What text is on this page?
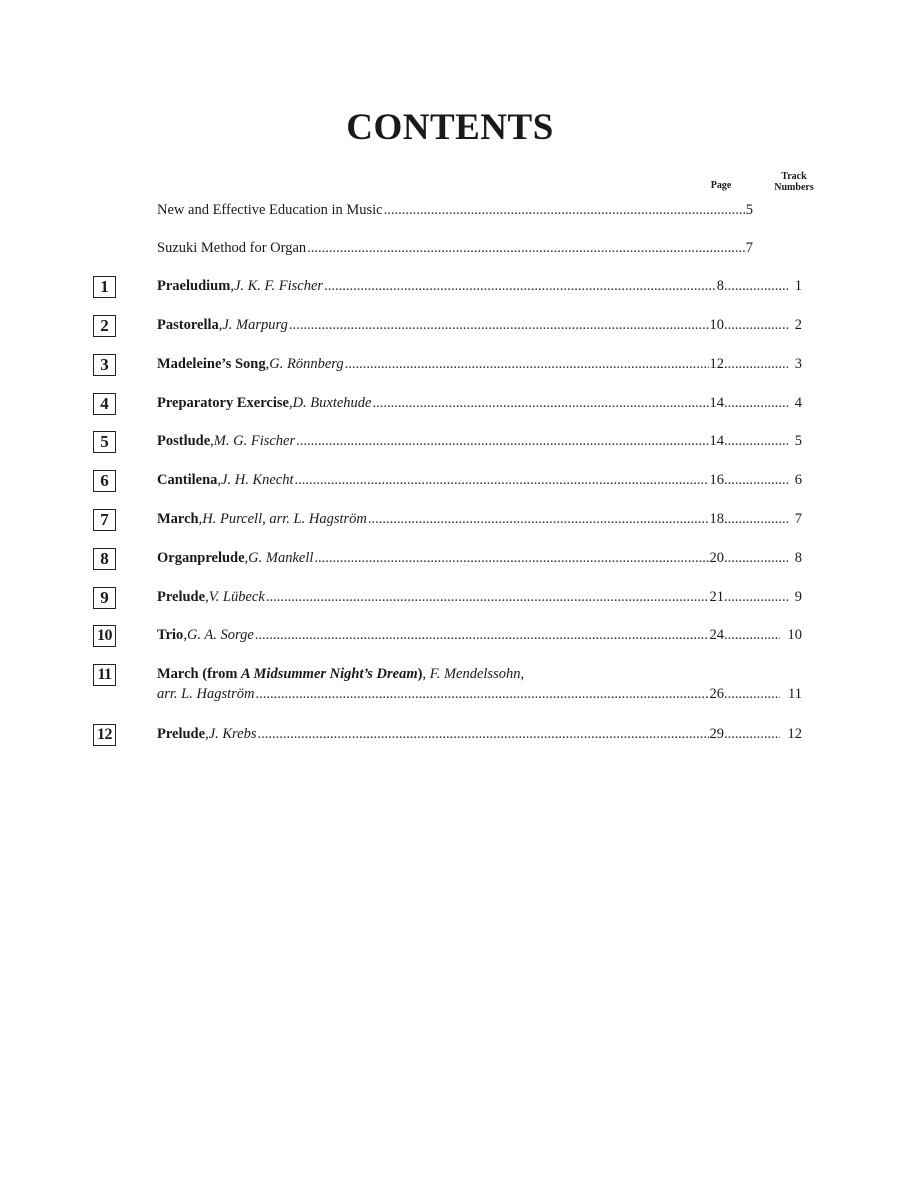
CONTENTS
Page
Track
Numbers
New and Effective Education in Music .....	5
Suzuki Method for Organ .....	7
1	Praeludium , J. K. F. Fischer .....	8 .....	1
2	Pastorella , J. Marpurg .....	10 .....	2
3	Madeleine’s Song , G. Rönnberg .....	12 .....	3
4	Preparatory Exercise , D. Buxtehude .....	14 .....	4
5	Postlude , M. G. Fischer .....	14 .....	5
6	Cantilena , J. H. Knecht .....	16 .....	6
7	March , H. Purcell, arr. L. Hagström .....	18 .....	7
8	Organprelude , G. Mankell .....	20 .....	8
9	Prelude , V. Lübeck .....	21 .....	9
10	Trio , G. A. Sorge .....	24 .....	10
11	March (from A Midsummer Night’s Dream), F. Mendelssohn,
arr. L. Hagström .....	26 .....	11
12	Prelude , J. Krebs .....	29 .....	12
